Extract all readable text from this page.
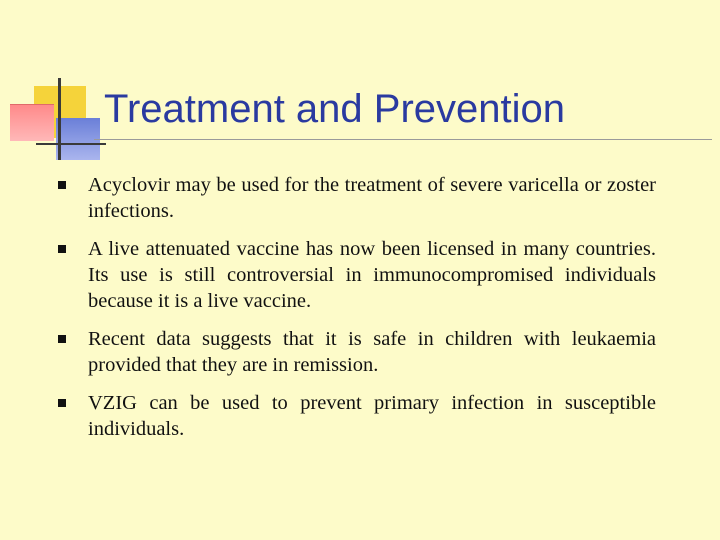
Treatment and Prevention
Acyclovir may be used for the treatment of severe varicella or zoster infections.
A live attenuated vaccine has now been licensed in many countries. Its use is still controversial in immunocompromised individuals because it is a live vaccine.
Recent data suggests that it is safe in children with leukaemia provided that they are in remission.
VZIG can be used to prevent primary infection in susceptible individuals.
